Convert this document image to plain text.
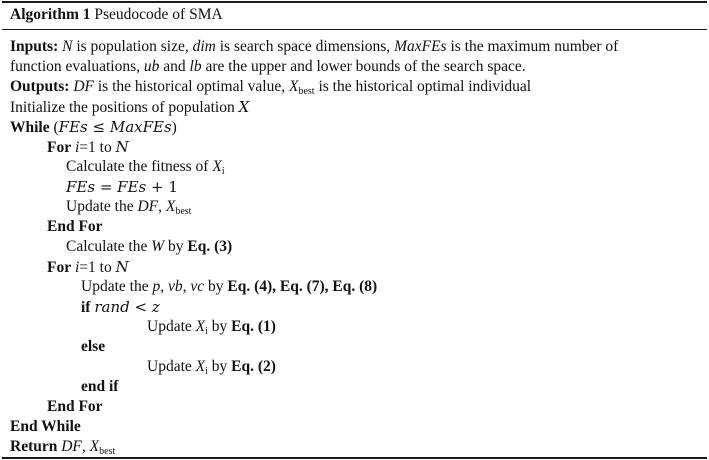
Algorithm 1 Pseudocode of SMA
Inputs: N is population size, dim is search space dimensions, MaxFEs is the maximum number of
function evaluations, ub and lb are the upper and lower bounds of the search space.
Outputs: DF is the historical optimal value, $X_{best}$ is the historical optimal individual
Initialize the positions of population X
While (FEs ≤ MaxFEs)
For i=1 to N
Calculate the fitness of $X_i$
FEs = FEs + 1
Update the DF, $X_{best}$
End For
Calculate the W by Eq. (3)
For i=1 to N
Update the p, vb, vc by Eq. (4), Eq. (7), Eq. (8)
if rand < z
Update $X_i$ by Eq. (1)
else
Update $X_i$ by Eq. (2)
end if
End For
End While
Return DF, $X_{best}$
